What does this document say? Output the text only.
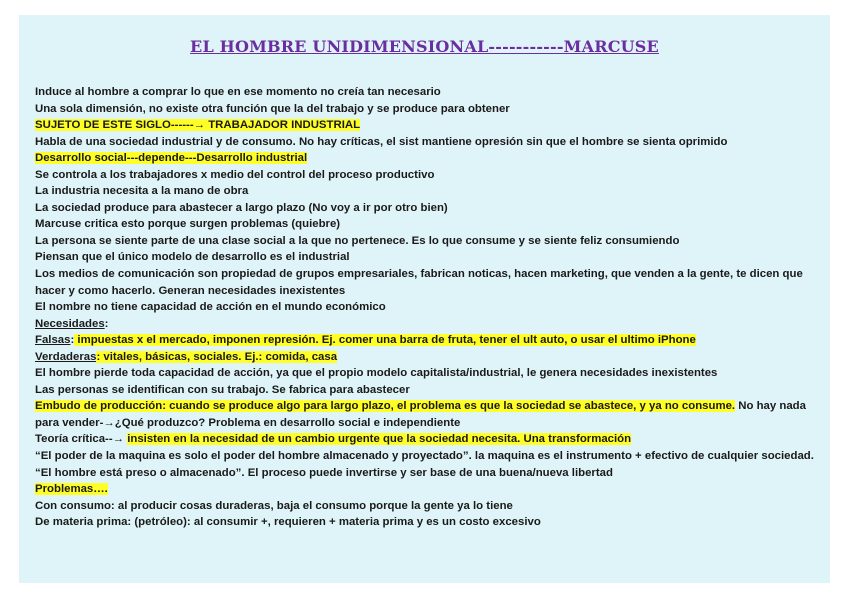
EL HOMBRE UNIDIMENSIONAL-----------MARCUSE
Induce al hombre a comprar lo que en ese momento no creía tan necesario
Una sola dimensión, no existe otra función que la del trabajo y se produce para obtener
SUJETO DE ESTE SIGLO------→ TRABAJADOR INDUSTRIAL
Habla de una sociedad industrial y de consumo. No hay críticas, el sist mantiene opresión sin que el hombre se sienta oprimido
Desarrollo social---depende---Desarrollo industrial
Se controla a los trabajadores x medio del control del proceso productivo
La industria necesita a la mano de obra
La sociedad produce para abastecer a largo plazo (No voy a ir por otro bien)
Marcuse critica esto porque surgen problemas (quiebre)
La persona se siente parte de una clase social a la que no pertenece. Es lo que consume y se siente feliz consumiendo
Piensan que el único modelo de desarrollo es el industrial
Los medios de comunicación son propiedad de grupos empresariales, fabrican noticas, hacen marketing, que venden a la gente, te dicen que hacer y como hacerlo. Generan necesidades inexistentes
El nombre no tiene capacidad de acción en el mundo económico
Necesidades:
Falsas: impuestas x el mercado, imponen represión. Ej. comer una barra de fruta, tener el ult auto, o usar el ultimo iPhone
Verdaderas: vitales, básicas, sociales. Ej.: comida, casa
El hombre pierde toda capacidad de acción, ya que el propio modelo capitalista/industrial, le genera necesidades inexistentes
Las personas se identifican con su trabajo. Se fabrica para abastecer
Embudo de producción: cuando se produce algo para largo plazo, el problema es que la sociedad se abastece, y ya no consume. No hay nada para vender-→¿Qué produzco? Problema en desarrollo social e independiente
Teoría crítica--→ insisten en la necesidad de un cambio urgente que la sociedad necesita. Una transformación
“El poder de la maquina es solo el poder del hombre almacenado y proyectado”. la maquina es el instrumento + efectivo de cualquier sociedad. “El hombre está preso o almacenado”. El proceso puede invertirse y ser base de una buena/nueva libertad
Problemas….
Con consumo: al producir cosas duraderas, baja el consumo porque la gente ya lo tiene
De materia prima: (petróleo): al consumir +, requieren + materia prima y es un costo excesivo
